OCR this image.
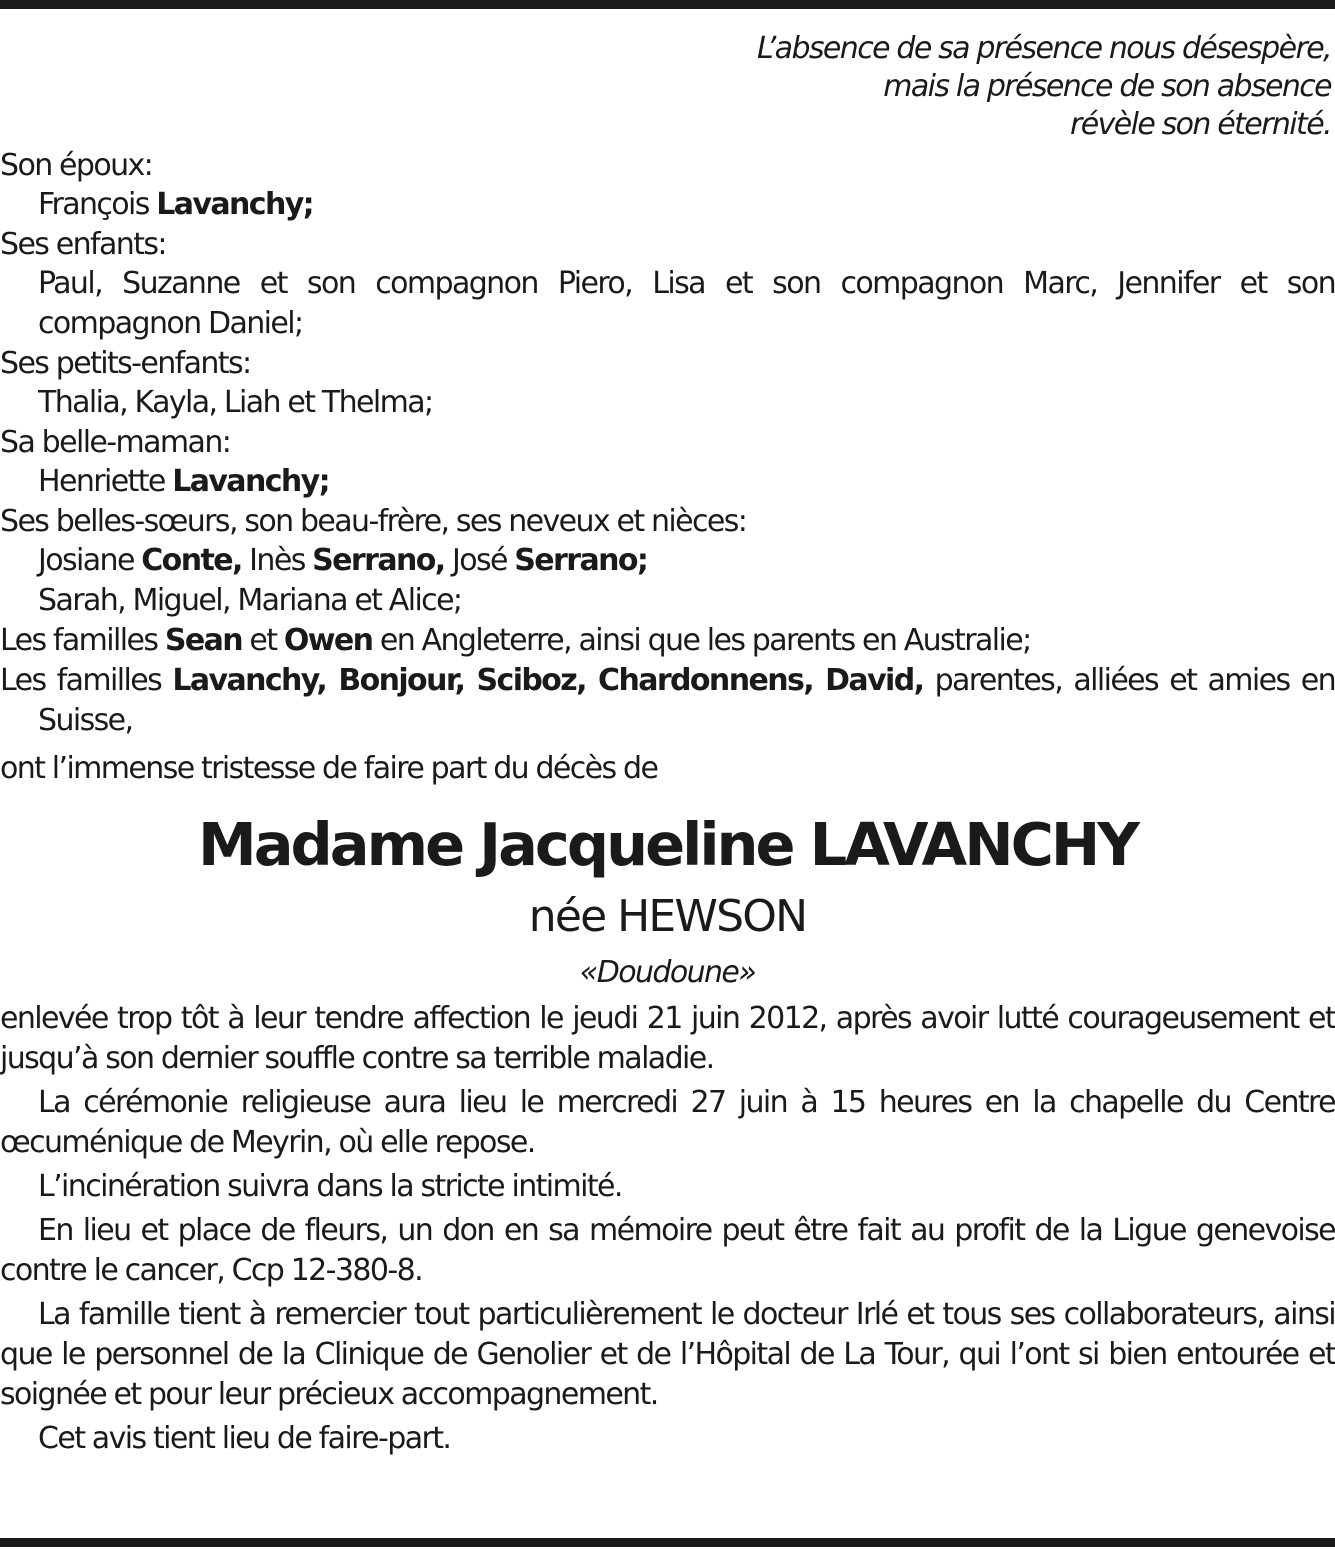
L’absence de sa présence nous désespère,
mais la présence de son absence
révèle son éternité.
Son époux:
François Lavanchy;
Ses enfants:
Paul, Suzanne et son compagnon Piero, Lisa et son compagnon Marc, Jennifer et son compagnon Daniel;
Ses petits-enfants:
Thalia, Kayla, Liah et Thelma;
Sa belle-maman:
Henriette Lavanchy;
Ses belles-sœurs, son beau-frère, ses neveux et nièces:
Josiane Conte, Inès Serrano, José Serrano;
Sarah, Miguel, Mariana et Alice;
Les familles Sean et Owen en Angleterre, ainsi que les parents en Australie;
Les familles Lavanchy, Bonjour, Sciboz, Chardonnens, David, parentes, alliées et amies en Suisse,
ont l’immense tristesse de faire part du décès de
Madame Jacqueline LAVANCHY
née HEWSON
«Doudoune»
enlevée trop tôt à leur tendre affection le jeudi 21 juin 2012, après avoir lutté courageusement et jusqu’à son dernier souffle contre sa terrible maladie.
La cérémonie religieuse aura lieu le mercredi 27 juin à 15 heures en la chapelle du Centre œcuménique de Meyrin, où elle repose.
L’incinération suivra dans la stricte intimité.
En lieu et place de fleurs, un don en sa mémoire peut être fait au profit de la Ligue genevoise contre le cancer, Ccp 12-380-8.
La famille tient à remercier tout particulièrement le docteur Irlé et tous ses collaborateurs, ainsi que le personnel de la Clinique de Genolier et de l’Hôpital de La Tour, qui l’ont si bien entourée et soignée et pour leur précieux accompagnement.
Cet avis tient lieu de faire-part.
